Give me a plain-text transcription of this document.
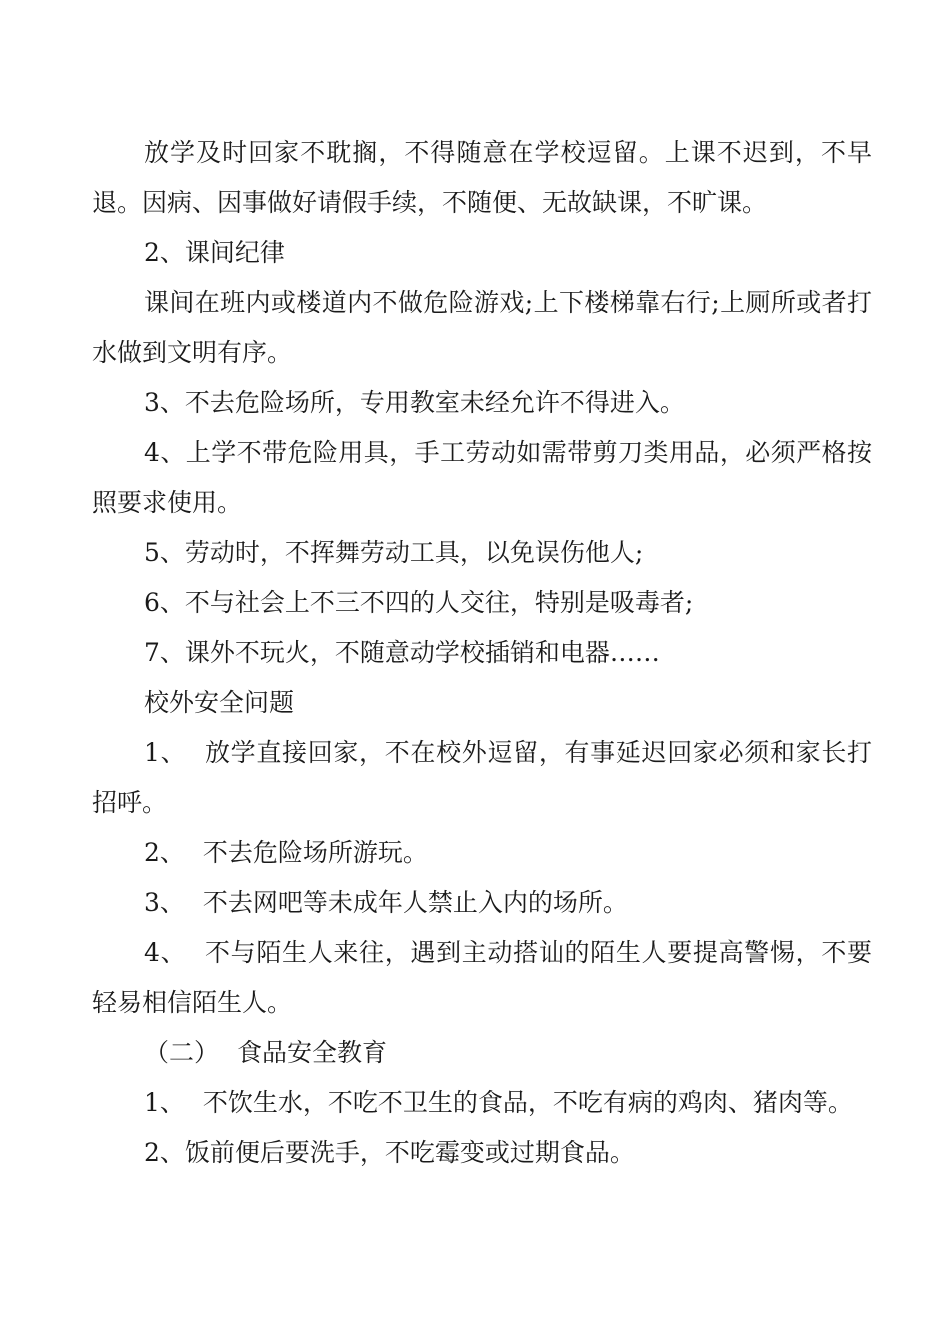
放学及时回家不耽搁，不得随意在学校逗留。上课不迟到，不早退。因病、因事做好请假手续，不随便、无故缺课，不旷课。

2、课间纪律

课间在班内或楼道内不做危险游戏;上下楼梯靠右行;上厕所或者打水做到文明有序。

3、不去危险场所，专用教室未经允许不得进入。

4、上学不带危险用具，手工劳动如需带剪刀类用品，必须严格按照要求使用。

5、劳动时，不挥舞劳动工具，以免误伤他人;

6、不与社会上不三不四的人交往，特别是吸毒者;

7、课外不玩火，不随意动学校插销和电器……

校外安全问题

1、 放学直接回家，不在校外逗留，有事延迟回家必须和家长打招呼。

2、 不去危险场所游玩。

3、 不去网吧等未成年人禁止入内的场所。

4、 不与陌生人来往，遇到主动搭讪的陌生人要提高警惕，不要轻易相信陌生人。

（二） 食品安全教育

1、 不饮生水，不吃不卫生的食品，不吃有病的鸡肉、猪肉等。

2、饭前便后要洗手，不吃霉变或过期食品。
